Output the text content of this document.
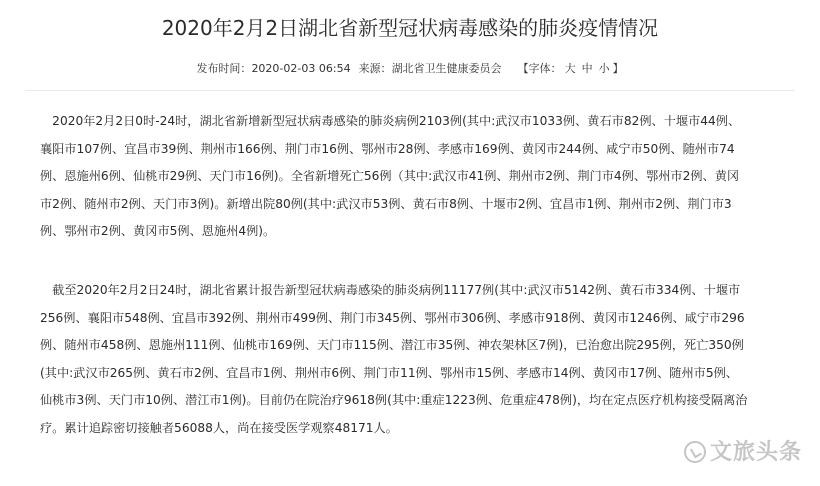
2020年2月2日湖北省新型冠状病毒感染的肺炎疫情情况
发布时间：2020-02-03 06:54 来源：湖北省卫生健康委员会 【字体： 大 中 小 】
　2020年2月2日0时-24时，湖北省新增新型冠状病毒感染的肺炎病例2103例(其中:武汉市1033例、黄石市82例、十堰市44例、
襄阳市107例、宜昌市39例、荆州市166例、荆门市16例、鄂州市28例、孝感市169例、黄冈市244例、咸宁市50例、随州市74
例、恩施州6例、仙桃市29例、天门市16例)。全省新增死亡56例（其中:武汉市41例、荆州市2例、荆门市4例、鄂州市2例、黄冈
市2例、随州市2例、天门市3例)。新增出院80例(其中:武汉市53例、黄石市8例、十堰市2例、宜昌市1例、荆州市2例、荆门市3
例、鄂州市2例、黄冈市5例、恩施州4例)。
　截至2020年2月2日24时，湖北省累计报告新型冠状病毒感染的肺炎病例11177例(其中:武汉市5142例、黄石市334例、十堰市
256例、襄阳市548例、宜昌市392例、荆州市499例、荆门市345例、鄂州市306例、孝感市918例、黄冈市1246例、咸宁市296
例、随州市458例、恩施州111例、仙桃市169例、天门市115例、潜江市35例、神农架林区7例)，已治愈出院295例，死亡350例
(其中:武汉市265例、黄石市2例、宜昌市1例、荆州市6例、荆门市11例、鄂州市15例、孝感市14例、黄冈市17例、随州市5例、
仙桃市3例、天门市10例、潜江市1例)。目前仍在院治疗9618例(其中:重症1223例、危重症478例)，均在定点医疗机构接受隔离治
疗。累计追踪密切接触者56088人，尚在接受医学观察48171人。
文旅头条
